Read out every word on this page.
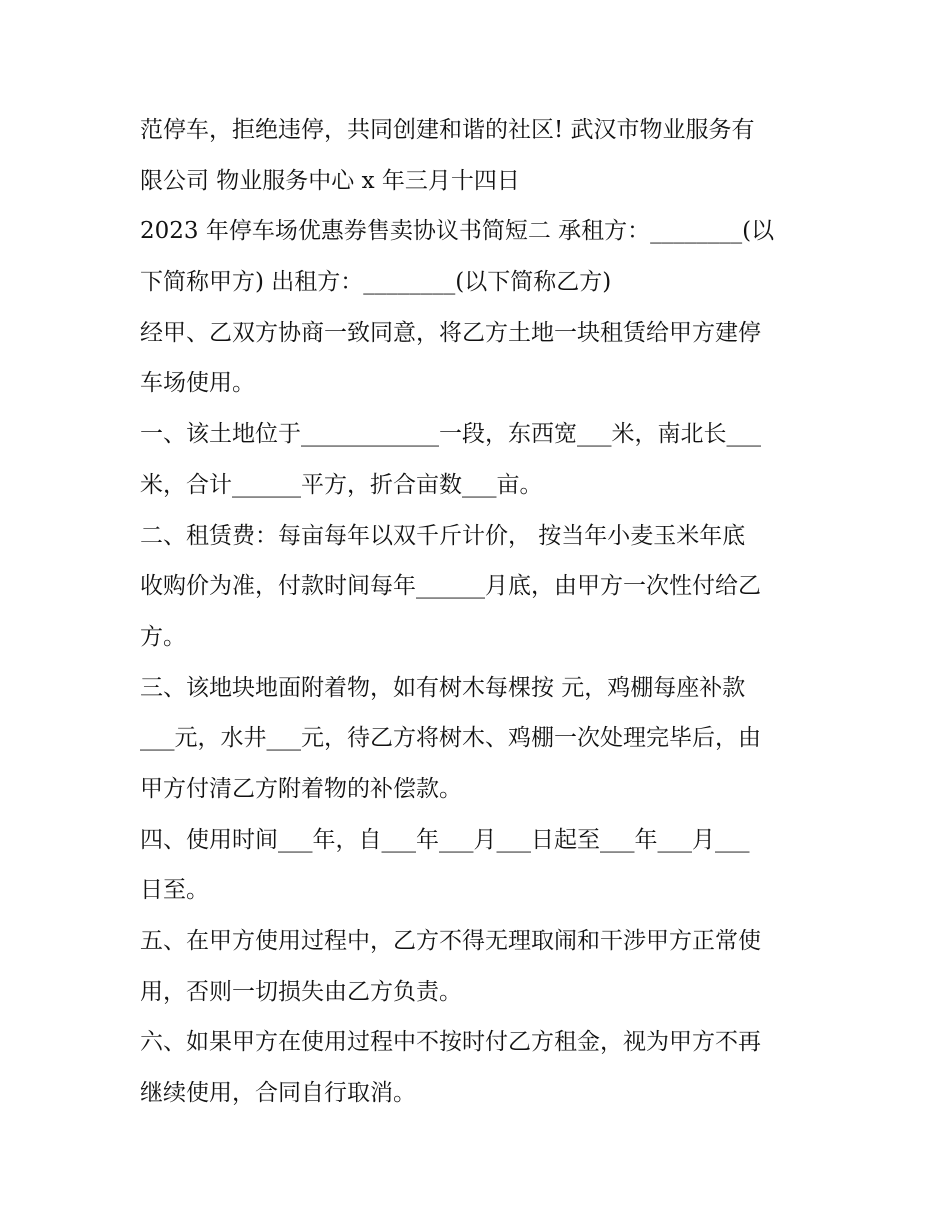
范停车，拒绝违停，共同创建和谐的社区! 武汉市物业服务有
限公司 物业服务中心 x 年三月十四日
2023 年停车场优惠券售卖协议书简短二 承租方：________(以
下简称甲方) 出租方：________(以下简称乙方)
经甲、乙双方协商一致同意，将乙方土地一块租赁给甲方建停
车场使用。
一、该土地位于____________一段，东西宽___米，南北长___
米，合计______平方，折合亩数___亩。
二、租赁费：每亩每年以双千斤计价， 按当年小麦玉米年底
收购价为准，付款时间每年______月底，由甲方一次性付给乙
方。
三、该地块地面附着物，如有树木每棵按 元，鸡棚每座补款
___元，水井___元，待乙方将树木、鸡棚一次处理完毕后，由
甲方付清乙方附着物的补偿款。
四、使用时间___年，自___年___月___日起至___年___月___
日至。
五、在甲方使用过程中，乙方不得无理取闹和干涉甲方正常使
用，否则一切损失由乙方负责。
六、如果甲方在使用过程中不按时付乙方租金，视为甲方不再
继续使用，合同自行取消。
